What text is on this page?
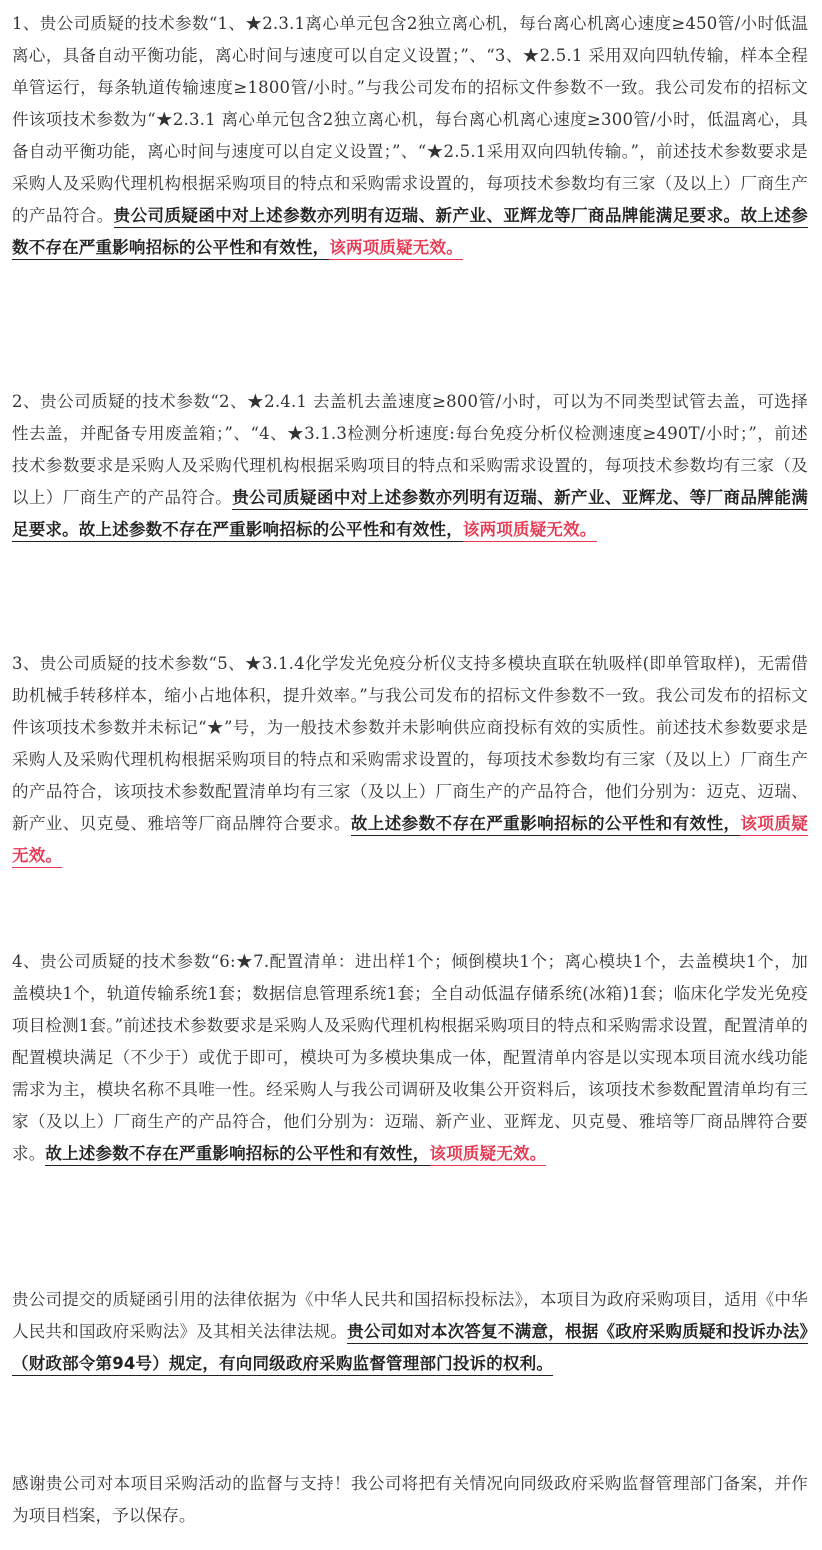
1、贵公司质疑的技术参数“1、★2.3.1离心单元包含2独立离心机，每台离心机离心速度≥450管/小时低温离心，具备自动平衡功能，离心时间与速度可以自定义设置；”、“3、★2.5.1 采用双向四轨传输，样本全程单管运行，每条轨道传输速度≥1800管/小时。”与我公司发布的招标文件参数不一致。我公司发布的招标文件该项技术参数为“★2.3.1 离心单元包含2独立离心机，每台离心机离心速度≥300管/小时，低温离心，具备自动平衡功能，离心时间与速度可以自定义设置；”、“★2.5.1采用双向四轨传输。”，前述技术参数要求是采购人及采购代理机构根据采购项目的特点和采购需求设置的，每项技术参数均有三家（及以上）厂商生产的产品符合。贵公司质疑函中对上述参数亦列明有迈瑞、新产业、亚辉龙等厂商品牌能满足要求。故上述参数不存在严重影响招标的公平性和有效性，该两项质疑无效。

2、贵公司质疑的技术参数“2、★2.4.1 去盖机去盖速度≥800管/小时，可以为不同类型试管去盖，可选择性去盖，并配备专用废盖箱；”、“4、★3.1.3检测分析速度:每台免疫分析仪检测速度≥490T/小时；”，前述技术参数要求是采购人及采购代理机构根据采购项目的特点和采购需求设置的，每项技术参数均有三家（及以上）厂商生产的产品符合。贵公司质疑函中对上述参数亦列明有迈瑞、新产业、亚辉龙、等厂商品牌能满足要求。故上述参数不存在严重影响招标的公平性和有效性，该两项质疑无效。

3、贵公司质疑的技术参数“5、★3.1.4化学发光免疫分析仪支持多模块直联在轨吸样(即单管取样)，无需借助机械手转移样本，缩小占地体积，提升效率。”与我公司发布的招标文件参数不一致。我公司发布的招标文件该项技术参数并未标记“★”号，为一般技术参数并未影响供应商投标有效的实质性。前述技术参数要求是采购人及采购代理机构根据采购项目的特点和采购需求设置的，每项技术参数均有三家（及以上）厂商生产的产品符合，该项技术参数配置清单均有三家（及以上）厂商生产的产品符合，他们分别为：迈克、迈瑞、新产业、贝克曼、雅培等厂商品牌符合要求。故上述参数不存在严重影响招标的公平性和有效性，该项质疑无效。

4、贵公司质疑的技术参数“6:★7.配置清单：进出样1个；倾倒模块1个；离心模块1个，去盖模块1个，加盖模块1个，轨道传输系统1套；数据信息管理系统1套；全自动低温存储系统(冰箱)1套；临床化学发光免疫项目检测1套。”前述技术参数要求是采购人及采购代理机构根据采购项目的特点和采购需求设置，配置清单的配置模块满足（不少于）或优于即可，模块可为多模块集成一体，配置清单内容是以实现本项目流水线功能需求为主，模块名称不具唯一性。经采购人与我公司调研及收集公开资料后，该项技术参数配置清单均有三家（及以上）厂商生产的产品符合，他们分别为：迈瑞、新产业、亚辉龙、贝克曼、雅培等厂商品牌符合要求。故上述参数不存在严重影响招标的公平性和有效性，该项质疑无效。

贵公司提交的质疑函引用的法律依据为《中华人民共和国招标投标法》，本项目为政府采购项目，适用《中华人民共和国政府采购法》及其相关法律法规。贵公司如对本次答复不满意，根据《政府采购质疑和投诉办法》（财政部令第94号）规定，有向同级政府采购监督管理部门投诉的权利。

感谢贵公司对本项目采购活动的监督与支持！我公司将把有关情况向同级政府采购监督管理部门备案，并作为项目档案，予以保存。
